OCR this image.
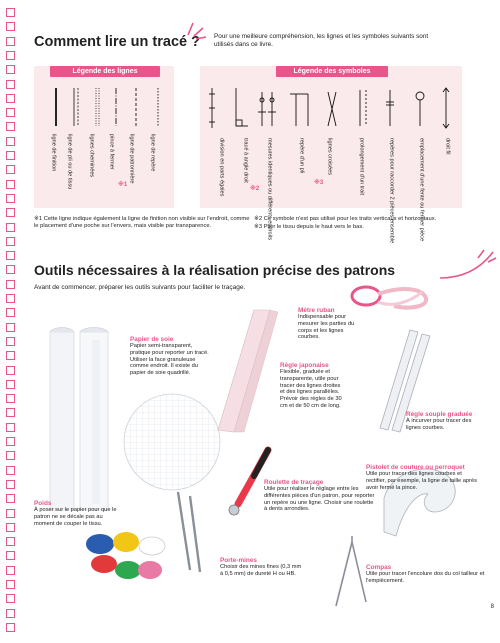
Comment lire un tracé ? Pour une meilleure compréhension, les lignes et les symboles suivants sont utilisés dans ce livre.

Légende des lignes
ligne de finition ligne de pli ou de tissu	lignes cheminées	pince à fermer	ligne de patronnière	ligne de repère
※1
Légende des symboles
division en parts égales	tracé à angle droit	mesures identiques ou différents endroits	repère d'un pli	lignes croisées	prolongement d'un trait	repères pour raccorder 2 pièces ensemble	emplacement d'une fente ou fermer pièce	droit fil
※2
※3

※1 Cette ligne indique également la ligne de finition non visible sur l'endroit, comme le placement d'une poche sur l'envers, mais visible par transparence.

※2 Ce symbole n'est pas utilisé pour les traits verticaux et horizontaux.

※3 Plier le tissu depuis le haut vers le bas.

Outils nécessaires à la réalisation précise des patrons

Avant de commencer, préparer les outils suivants pour faciliter le traçage.

Mètre ruban

Indispensable pour mesurer les parties du corps et les lignes courbes.

Papier de soie

Papier semi-transparent, pratique pour reporter un tracé. Utiliser la face granuleuse comme endroit. Il existe du papier de soie quadrillé.

Règle japonaise

Flexible, graduée et transparente, utile pour tracer des lignes droites et des lignes parallèles. Prévoir des règles de 30 cm et de 50 cm de long.

Règle souple graduée

À incurver pour tracer des lignes courbes.

Roulette de traçage

Utile pour réaliser le réglage entre les différentes pièces d'un patron, pour reporter un repère ou une ligne. Choisir une roulette à dents arrondies.

Pistolet de couture ou perroquet

Utile pour tracer des lignes courbes et rectifier, par exemple, la ligne de taille après avoir fermé la pince.

Poids

À poser sur le papier pour que le patron ne se décale pas au moment de couper le tissu.

Porte-mines

Choisir des mines fines (0,3 mm à 0,5 mm) de dureté H ou HB.

Compas

Utile pour tracer l'encolure dos du col tailleur et l'empiècement.

8
